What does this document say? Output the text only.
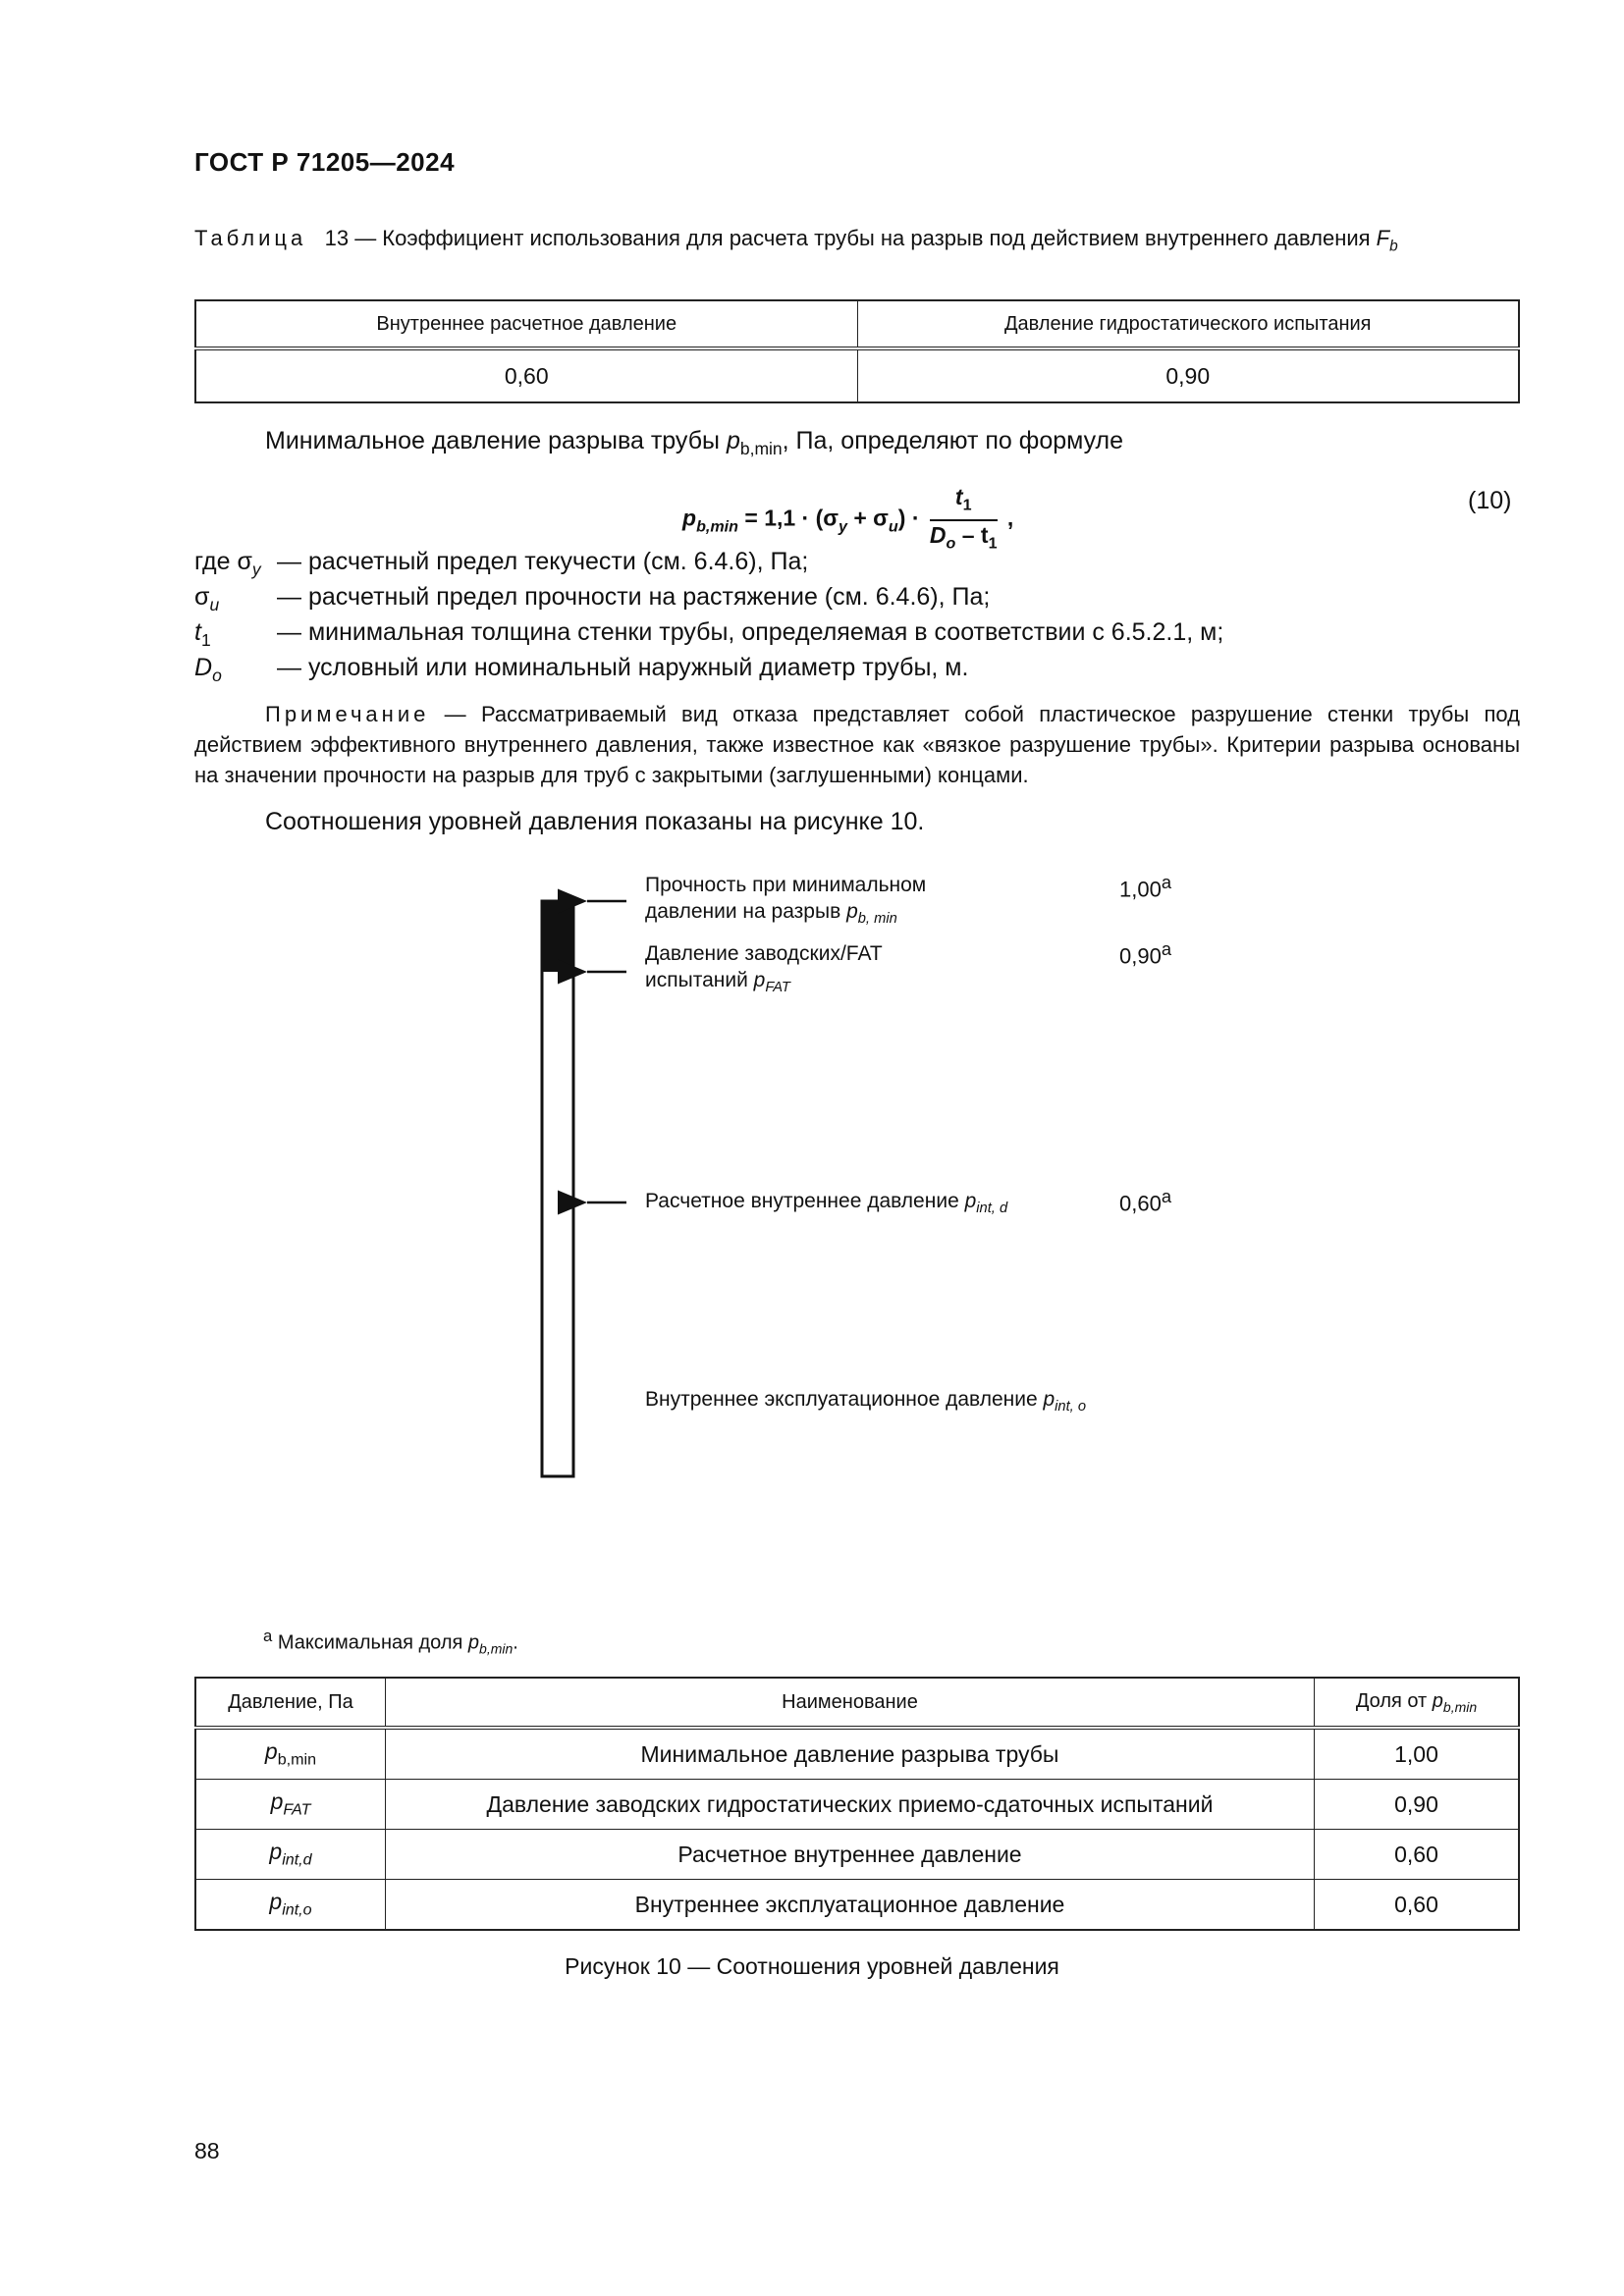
ГОСТ Р 71205—2024
Таблица 13 — Коэффициент использования для расчета трубы на разрыв под действием внутреннего давления $F_b$
Внутреннее расчетное давление	Давление гидростатического испытания
0,60	0,90
Минимальное давление разрыва трубы $p_{b,min}$, Па, определяют по формуле
$p_{b,min} = 1,1 \cdot (\sigma_y + \sigma_u) \cdot \frac{t_1}{D_o - t_1}$ ,
(10)
где $\sigma_y$ — расчетный предел текучести (см. 6.4.6), Па;
$\sigma_u$ — расчетный предел прочности на растяжение (см. 6.4.6), Па;
$t_1$	— минимальная толщина стенки трубы, определяемая в соответствии с 6.5.2.1, м;
$D_o$ — условный или номинальный наружный диаметр трубы, м.
Примечание — Рассматриваемый вид отказа представляет собой пластическое разрушение стенки трубы под действием эффективного внутреннего давления, также известное как «вязкое разрушение трубы». Критерии разрыва основаны на значении прочности на разрыв для труб с закрытыми (заглушенными) концами.
Соотношения уровней давления показаны на рисунке 10.
Прочность при минимальном
давлении на разрыв $p_{b, min}$
1,00$^a$
Давление заводских/FAT
испытаний $p_{FAT}$
0,90$^a$
Расчетное внутреннее давление $p_{int, d}$	0,60$^a$
Внутреннее эксплуатационное давление $p_{int, o}$
$^a$ Максимальная доля $p_{b,min}$.
Давление, Па	Наименование	Доля от $p_{b,min}$
$p_{b,min}$	Минимальное давление разрыва трубы	1,00
$p_{FAT}$	Давление заводских гидростатических приемо-сдаточных испытаний	0,90
$p_{int,d}$	Расчетное внутреннее давление	0,60
$p_{int,o}$	Внутреннее эксплуатационное давление	0,60
Рисунок 10 — Соотношения уровней давления
88
